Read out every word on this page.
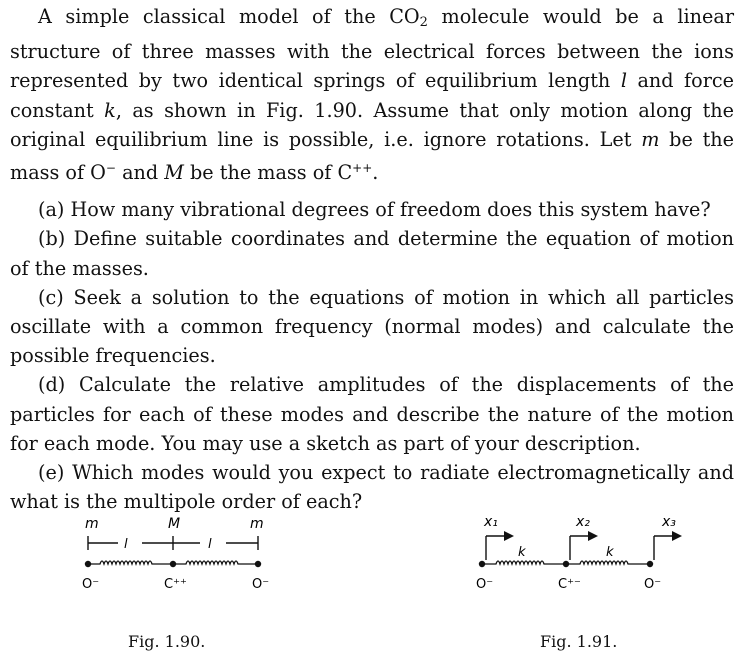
A simple classical model of the $CO_2$ molecule would be a linear structure of three masses with the electrical forces between the ions represented by two identical springs of equilibrium length l and force constant k, as shown in Fig. 1.90. Assume that only motion along the original equilibrium line is possible, i.e. ignore rotations. Let m be the mass of O− and M be the mass of C++.

(a) How many vibrational degrees of freedom does this system have?

(b) Define suitable coordinates and determine the equation of motion of the masses.

(c) Seek a solution to the equations of motion in which all particles oscillate with a common frequency (normal modes) and calculate the possible frequencies.

(d) Calculate the relative amplitudes of the displacements of the particles for each of these modes and describe the nature of the motion for each mode. You may use a sketch as part of your description.

(e) Which modes would you expect to radiate electromagnetically and what is the multipole order of each?

m	M	m
l	l
O⁻	C⁺⁺	O⁻
Fig. 1.90.
x₁	x₂	x₃
k	k
O⁻	C⁺⁻	O⁻
Fig. 1.91.
